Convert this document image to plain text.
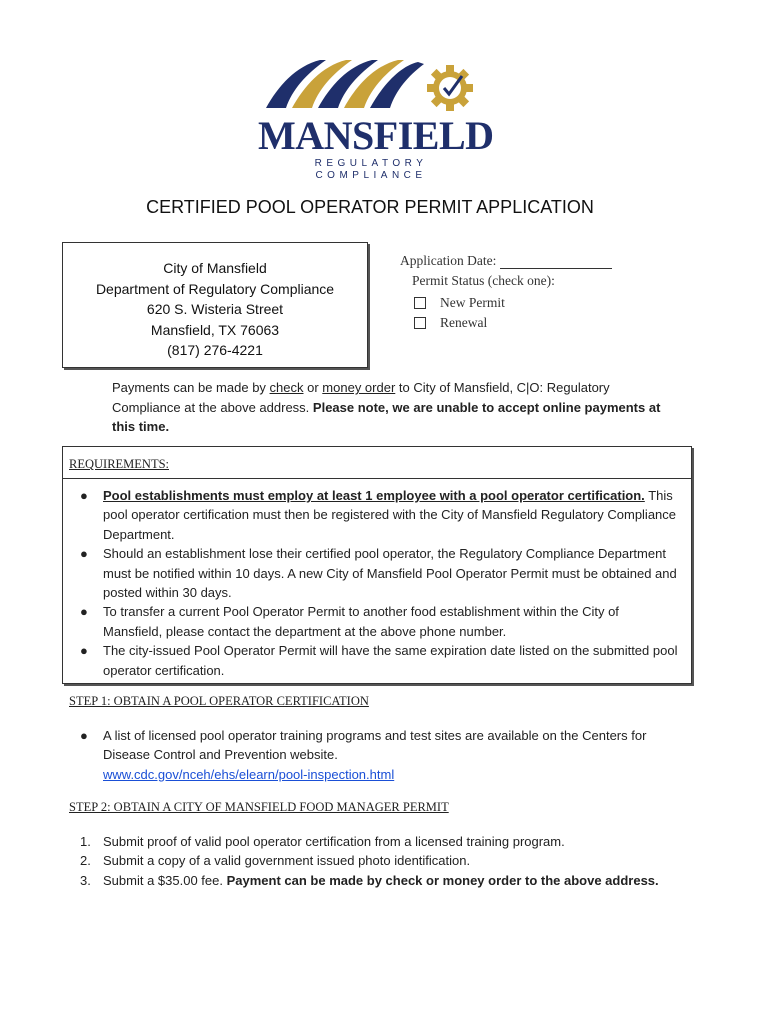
MANSFIELD
REGULATORY COMPLIANCE
CERTIFIED POOL OPERATOR PERMIT APPLICATION
City of Mansfield
Department of Regulatory Compliance
620 S. Wisteria Street
Mansfield, TX 76063
(817) 276-4221
Application Date:
Permit Status (check one):
New Permit
Renewal
Payments can be made by check or money order to City of Mansfield, C|O: Regulatory Compliance at the above address. Please note, we are unable to accept online payments at this time.
REQUIREMENTS:
● Pool establishments must employ at least 1 employee with a pool operator certification. This pool operator certification must then be registered with the City of Mansfield Regulatory Compliance Department.
● Should an establishment lose their certified pool operator, the Regulatory Compliance Department must be notified within 10 days. A new City of Mansfield Pool Operator Permit must be obtained and posted within 30 days.
● To transfer a current Pool Operator Permit to another food establishment within the City of Mansfield, please contact the department at the above phone number.
● The city-issued Pool Operator Permit will have the same expiration date listed on the submitted pool operator certification.
STEP 1: OBTAIN A POOL OPERATOR CERTIFICATION
● A list of licensed pool operator training programs and test sites are available on the Centers for Disease Control and Prevention website.
www.cdc.gov/nceh/ehs/elearn/pool-inspection.html
STEP 2: OBTAIN A CITY OF MANSFIELD FOOD MANAGER PERMIT
1. Submit proof of valid pool operator certification from a licensed training program.
2. Submit a copy of a valid government issued photo identification.
3. Submit a $35.00 fee. Payment can be made by check or money order to the above address.
